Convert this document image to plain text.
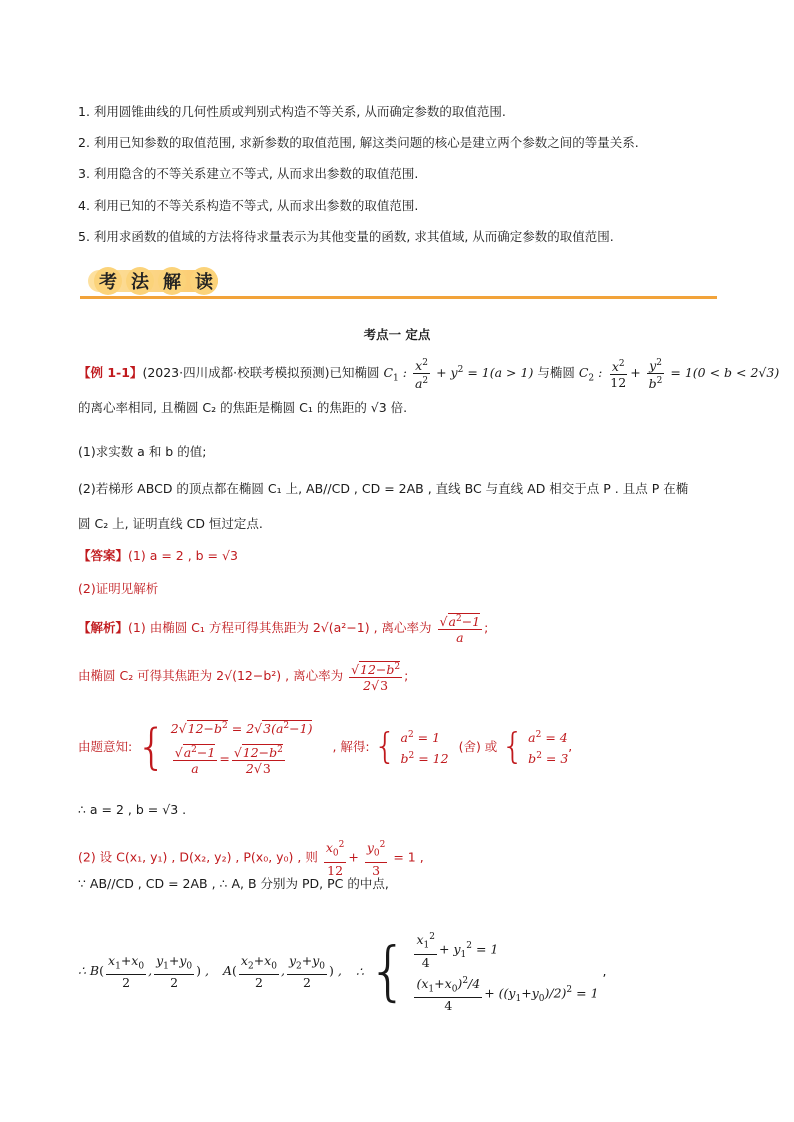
1. 利用圆锥曲线的几何性质或判别式构造不等关系, 从而确定参数的取值范围.
2. 利用已知参数的取值范围, 求新参数的取值范围, 解这类问题的核心是建立两个参数之间的等量关系.
3. 利用隐含的不等关系建立不等式, 从而求出参数的取值范围.
4. 利用已知的不等关系构造不等式, 从而求出参数的取值范围.
5. 利用求函数的值域的方法将待求量表示为其他变量的函数, 求其值域, 从而确定参数的取值范围.
考 法 解 读
考点一 定点
【例 1-1】(2023·四川成都·校联考模拟预测)已知椭圆 $C_1$ : $\frac{x^2}{a^2} + y^2 = 1(a > 1)$ 与椭圆 $C_2$ : $\frac{x^2}{12} + \frac{y^2}{b^2} = 1(0 < b < 2√3)$
的离心率相同, 且椭圆 C₂ 的焦距是椭圆 C₁ 的焦距的 √3 倍.
(1)求实数 a 和 b 的值;
(2)若梯形 ABCD 的顶点都在椭圆 C₁ 上, AB//CD , CD = 2AB , 直线 BC 与直线 AD 相交于点 P . 且点 P 在椭
圆 C₂ 上, 证明直线 CD 恒过定点.
【答案】(1) a = 2 , b = √3
(2)证明见解析
【解析】(1) 由椭圆 C₁ 方程可得其焦距为 2√(a²−1) , 离心率为 $\frac{√a^2-1}{a}$ ;
由椭圆 C₂ 可得其焦距为 2√(12−b²) , 离心率为 $\frac{√12-b^2}{2√3}$ ;
由题意知: { $2√12-b^2 = 2√3(a^2-1)$
$\frac{√a^2-1}{a} = \frac{√12-b^2}{2√3}$	, 解得: { $a^2 = 1$
$b^2 = 12$
(舍) 或 { $a^2 = 4$
$b^2 = 3$
,
∴ a = 2 , b = √3 .
(2) 设 C(x₁, y₁) , D(x₂, y₂) , P(x₀, y₀) , 则 $\frac{x_0^2}{12} + \frac{y_0^2}{3} = 1$ ,
∵ AB//CD , CD = 2AB , ∴ A, B 分别为 PD, PC 的中点,
∴ $B( \frac{x_1+x_0}{2}$ , $\frac{y_1+y_0}{2}$ ) , $A( \frac{x_2+x_0}{2}$ , $\frac{y_2+y_0}{2}$ ) , ∴ { $\frac{x_1^2}{4} + y_1^2 = 1$
$\frac{(x_1+x_0)^2/4}{4} + ((y_1+y_0)/2)^2 = 1$
,
